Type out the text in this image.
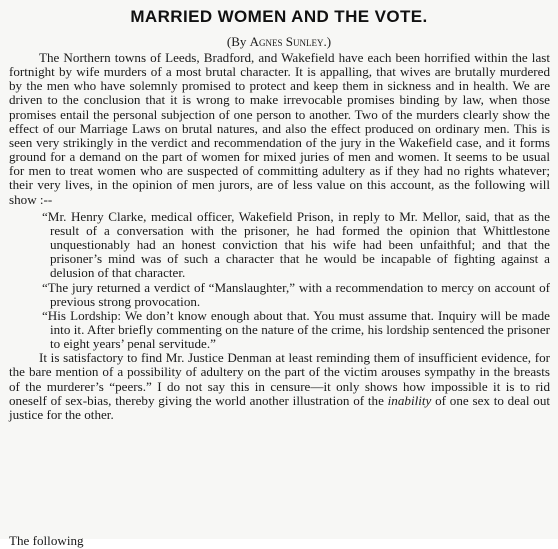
MARRIED WOMEN AND THE VOTE.

(By Agnes Sunley.)

The Northern towns of Leeds, Bradford, and Wakefield have each been horrified within the last fortnight by wife murders of a most brutal character. It is appalling, that wives are brutally murdered by the men who have solemnly promised to protect and keep them in sickness and in health. We are driven to the conclusion that it is wrong to make irrevocable promises binding by law, when those promises entail the personal subjection of one person to another. Two of the murders clearly show the effect of our Marriage Laws on brutal natures, and also the effect produced on ordinary men. This is seen very strikingly in the verdict and recommendation of the jury in the Wakefield case, and it forms ground for a demand on the part of women for mixed juries of men and women. It seems to be usual for men to treat women who are suspected of committing adultery as if they had no rights whatever; their very lives, in the opinion of men jurors, are of less value on this account, as the following will show :--

“Mr. Henry Clarke, medical officer, Wakefield Prison, in reply to Mr. Mellor, said, that as the result of a conversation with the prisoner, he had formed the opinion that Whittlestone unquestionably had an honest conviction that his wife had been unfaithful; and that the prisoner’s mind was of such a character that he would be incapable of fighting against a delusion of that character.

“The jury returned a verdict of “Manslaughter,” with a recommendation to mercy on account of previous strong provocation.

“His Lordship: We don’t know enough about that. You must assume that. Inquiry will be made into it. After briefly commenting on the nature of the crime, his lordship sentenced the prisoner to eight years’ penal servitude.”

It is satisfactory to find Mr. Justice Denman at least reminding them of insufficient evidence, for the bare mention of a possibility of adultery on the part of the victim arouses sympathy in the breasts of the murderer’s “peers.” I do not say this in censure—it only shows how impossible it is to rid oneself of sex-bias, thereby giving the world another illustration of the inability of one sex to deal out justice for the other.

The following
